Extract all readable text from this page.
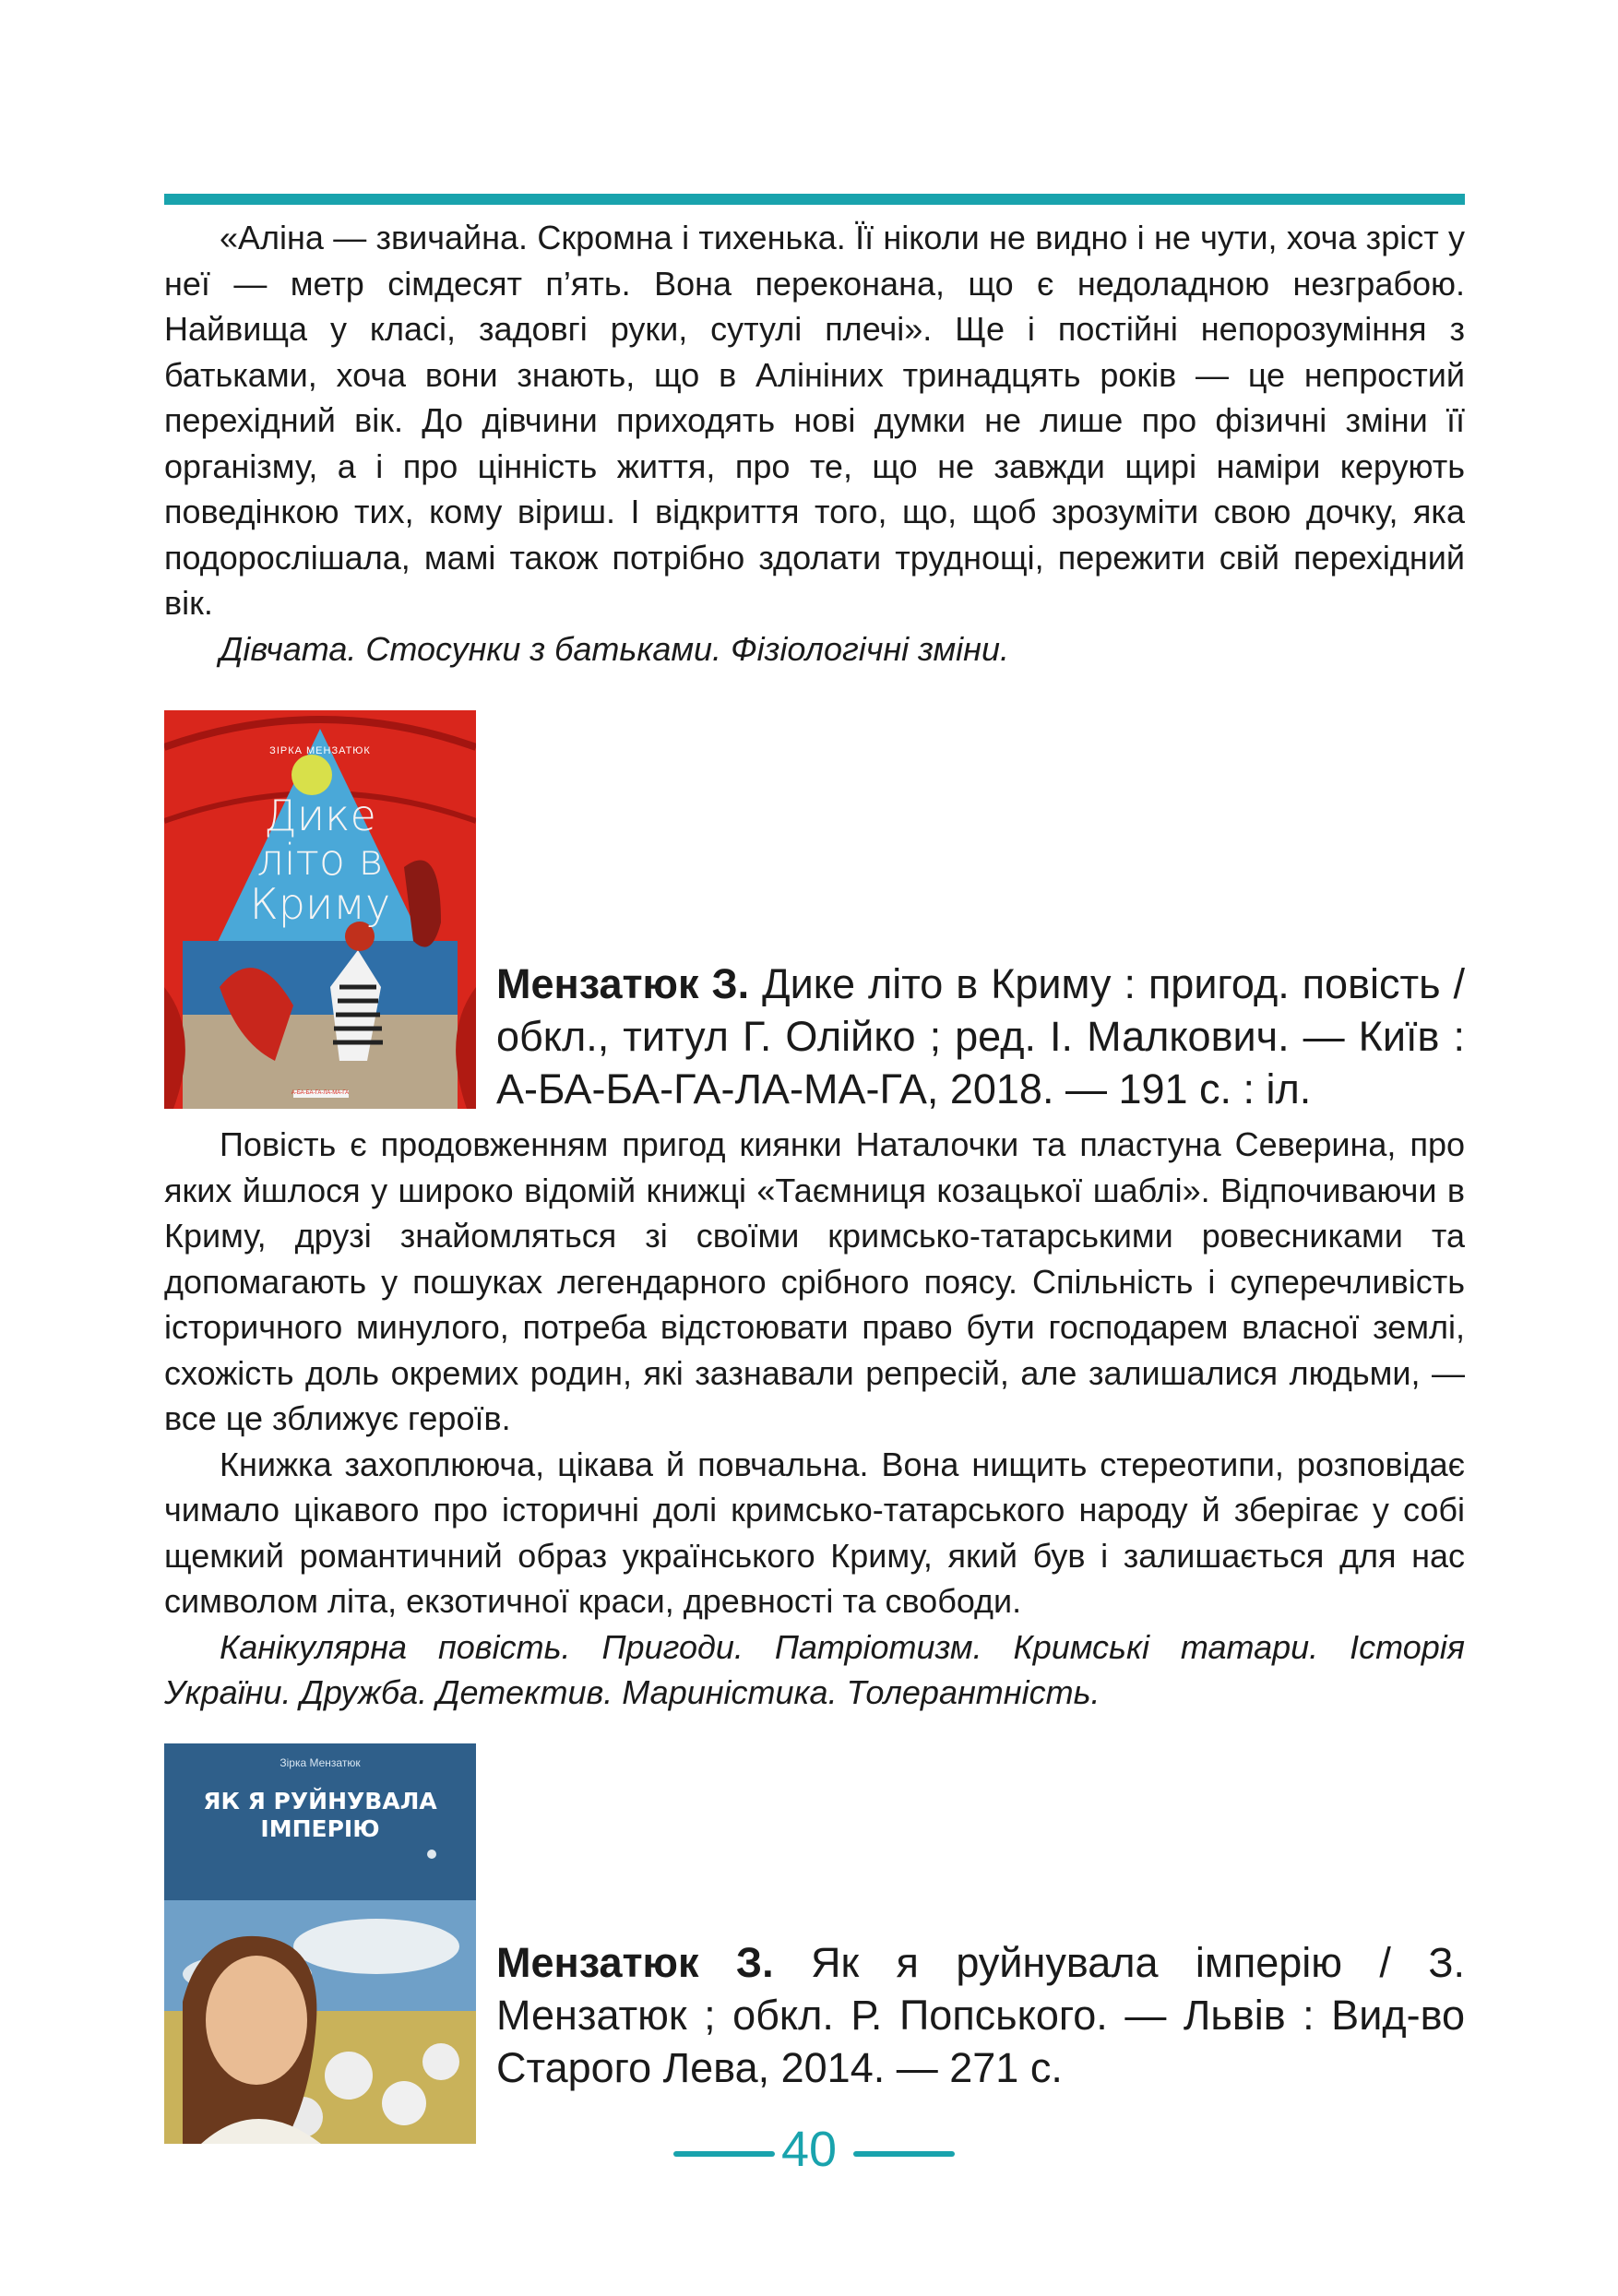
«Аліна — звичайна. Скромна і тихенька. Її ніколи не видно і не чути, хоча зріст у неї — метр сімдесят п’ять. Вона переконана, що є недоладною незграбою. Найвища у класі, задовгі руки, сутулі плечі». Ще і постійні непорозуміння з батьками, хоча вони знають, що в Алініних тринадцять років — це непростий перехідний вік. До дівчини приходять нові думки не лише про фізичні зміни її організму, а і про цінність життя, про те, що не завжди щирі наміри керують поведінкою тих, кому віриш. І відкриття того, що, щоб зрозуміти свою дочку, яка подорослішала, мамі також потрібно здолати труднощі, пережити свій перехідний вік.

Дівчата. Стосунки з батьками. Фізіологічні зміни.

ЗІРКА МЕНЗАТЮК
Дике
літо в
Криму
А-БА-БА-ГА-ЛА-МА-ГА
Мензатюк З. Дике літо в Криму : пригод. повість / обкл., титул Г. Олійко ; ред. І. Малкович. — Київ : А-БА-БА-ГА-ЛА-МА-ГА, 2018. — 191 с. : іл.

Повість є продовженням пригод киянки Наталочки та пластуна Северина, про яких йшлося у широко відомій книжці «Таємниця козацької шаблі». Відпочиваючи в Криму, друзі знайомляться зі своїми кримсько-татарськими ровесниками та допомагають у пошуках легендарного срібного поясу. Спільність і суперечливість історичного минулого, потреба відстоювати право бути господарем власної землі, схожість доль окремих родин, які зазнавали репресій, але залишалися людьми, — все це зближує героїв.

Книжка захоплююча, цікава й повчальна. Вона нищить стереотипи, розповідає чимало цікавого про історичні долі кримсько-татарського народу й зберігає у собі щемкий романтичний образ українського Криму, який був і залишається для нас символом літа, екзотичної краси, древності та свободи.

Канікулярна повість. Пригоди. Патріотизм. Кримські татари. Історія України. Дружба. Детектив. Мариністика. Толерантність.

Зірка Мензатюк
ЯК Я РУЙНУВАЛА
ІМПЕРІЮ
Мензатюк З. Як я руйнувала імперію / З. Мензатюк ; обкл. Р. Попського. — Львів : Вид-во Старого Лева, 2014. — 271 с.
40
